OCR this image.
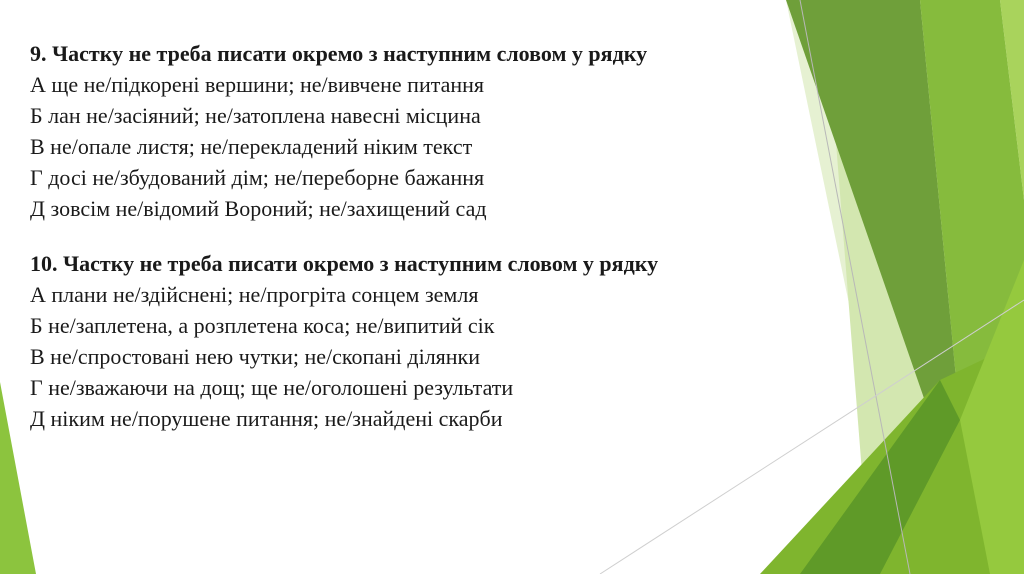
9. Частку не треба писати окремо з наступним словом у рядку
А ще не/підкорені вершини; не/вивчене питання
Б лан не/засіяний; не/затоплена навесні місцина
В не/опале листя; не/перекладений ніким текст
Г досі не/збудований дім; не/переборне бажання
Д зовсім не/відомий Вороний; не/захищений сад
10. Частку не треба писати окремо з наступним словом у рядку
А плани не/здійснені; не/прогріта сонцем земля
Б не/заплетена, а розплетена коса; не/випитий сік
В не/спростовані нею чутки; не/скопані ділянки
Г не/зважаючи на дощ; ще не/оголошені результати
Д ніким не/порушене питання; не/знайдені скарби
